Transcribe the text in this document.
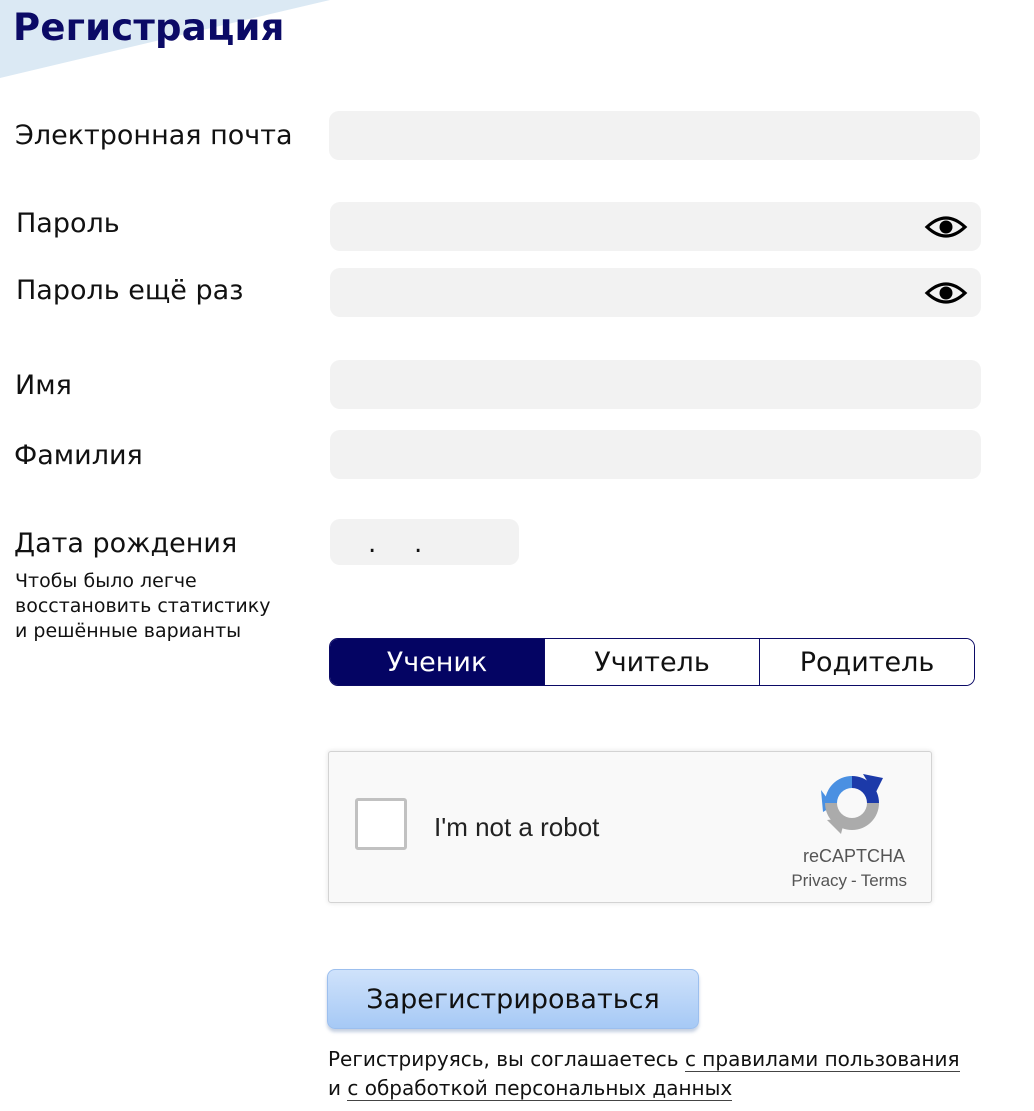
Регистрация
Электронная почта
Пароль
Пароль ещё раз
Имя
Фамилия
Дата рождения	. .
Чтобы было легче
восстановить статистику
и решённые варианты
Ученик	Учитель	Родитель
I'm not a robot
reCAPTCHA
Privacy - Terms
Зарегистрироваться
Регистрируясь, вы соглашаетесь с правилами пользования
и с обработкой персональных данных
